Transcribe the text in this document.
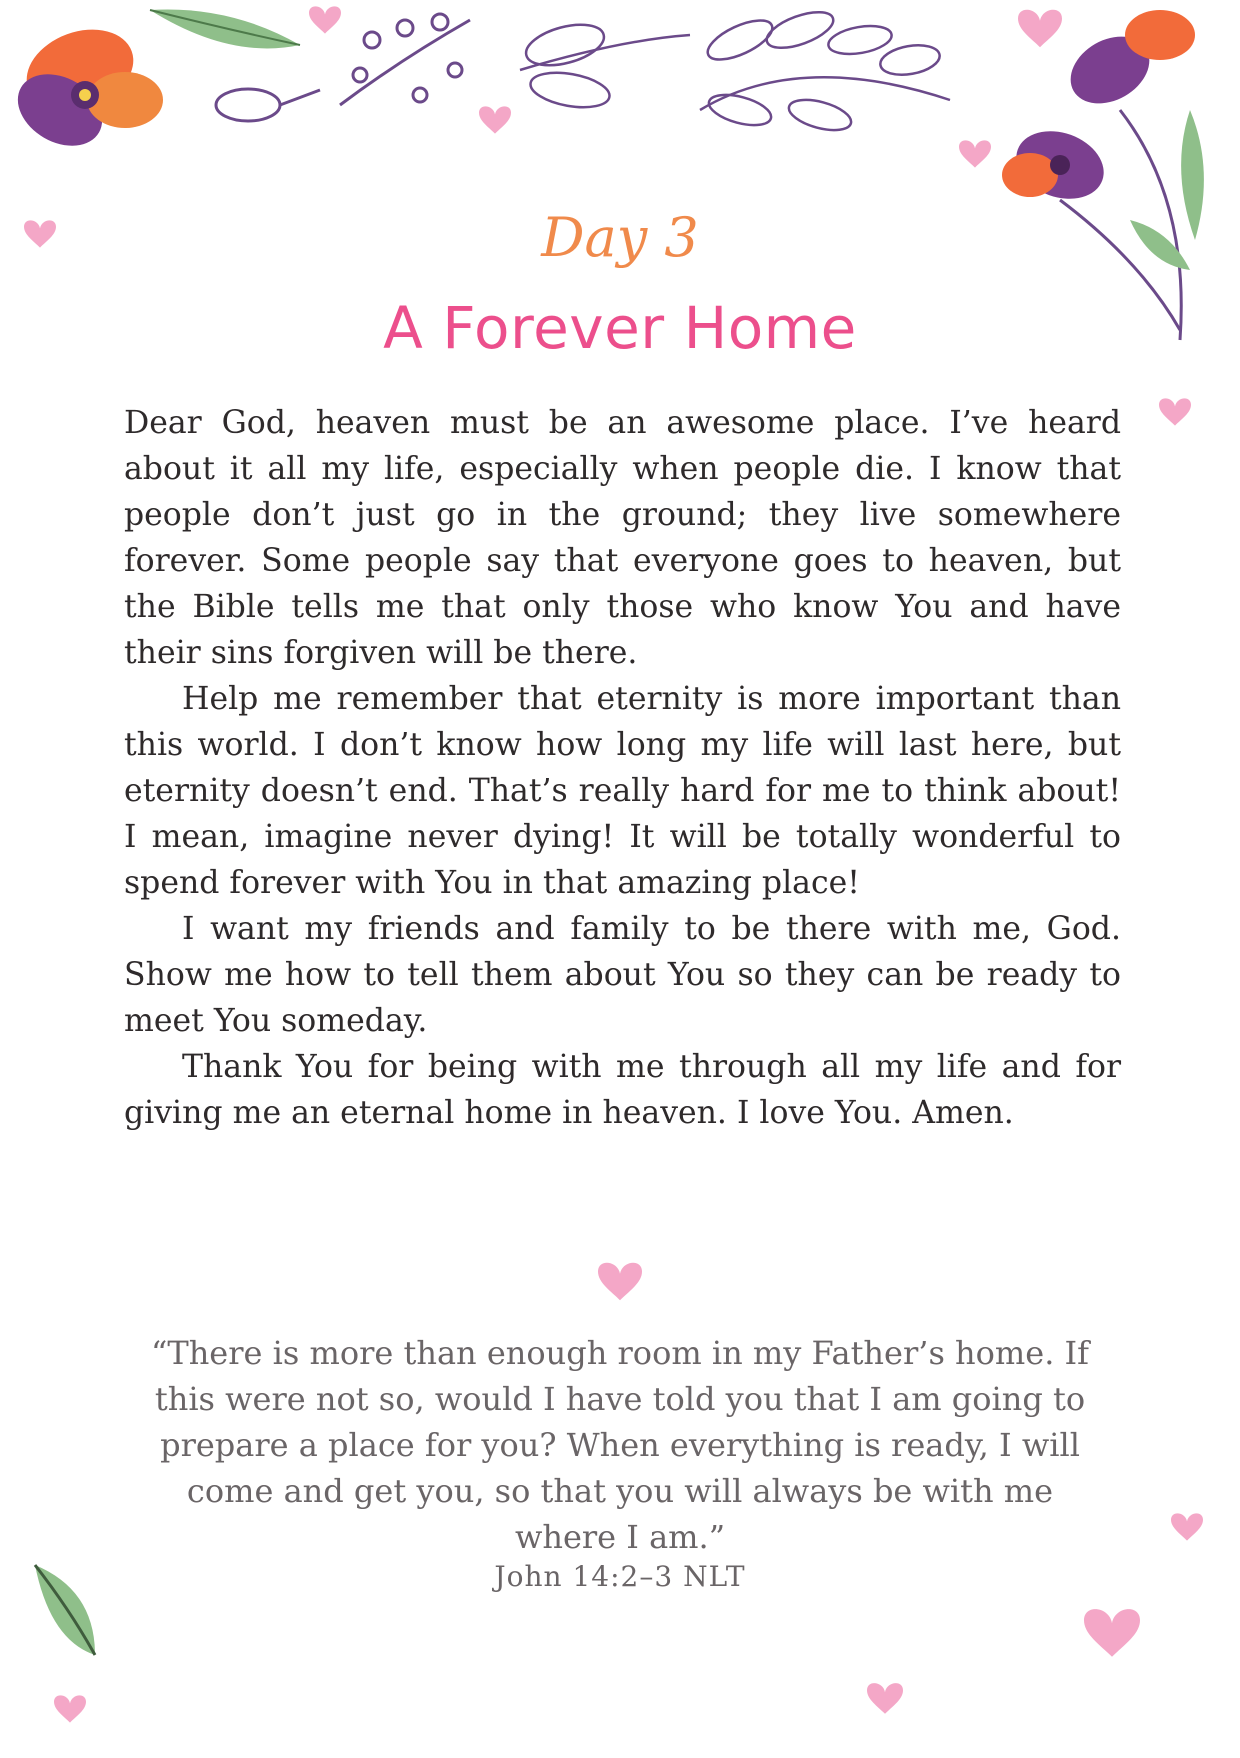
Day 3
A Forever Home

Dear God, heaven must be an awesome place. I’ve heard about it all my life, especially when people die. I know that people don’t just go in the ground; they live somewhere forever. Some people say that everyone goes to heaven, but the Bible tells me that only those who know You and have their sins forgiven will be there.

Help me remember that eternity is more important than this world. I don’t know how long my life will last here, but eternity doesn’t end. That’s really hard for me to think about! I mean, imagine never dying! It will be totally wonderful to spend forever with You in that amazing place!

I want my friends and family to be there with me, God. Show me how to tell them about You so they can be ready to meet You someday.

Thank You for being with me through all my life and for giving me an eternal home in heaven. I love You. Amen.

“There is more than enough room in my Father’s home. If this were not so, would I have told you that I am going to prepare a place for you? When everything is ready, I will come and get you, so that you will always be with me where I am.”
John 14:2–3 NLT
